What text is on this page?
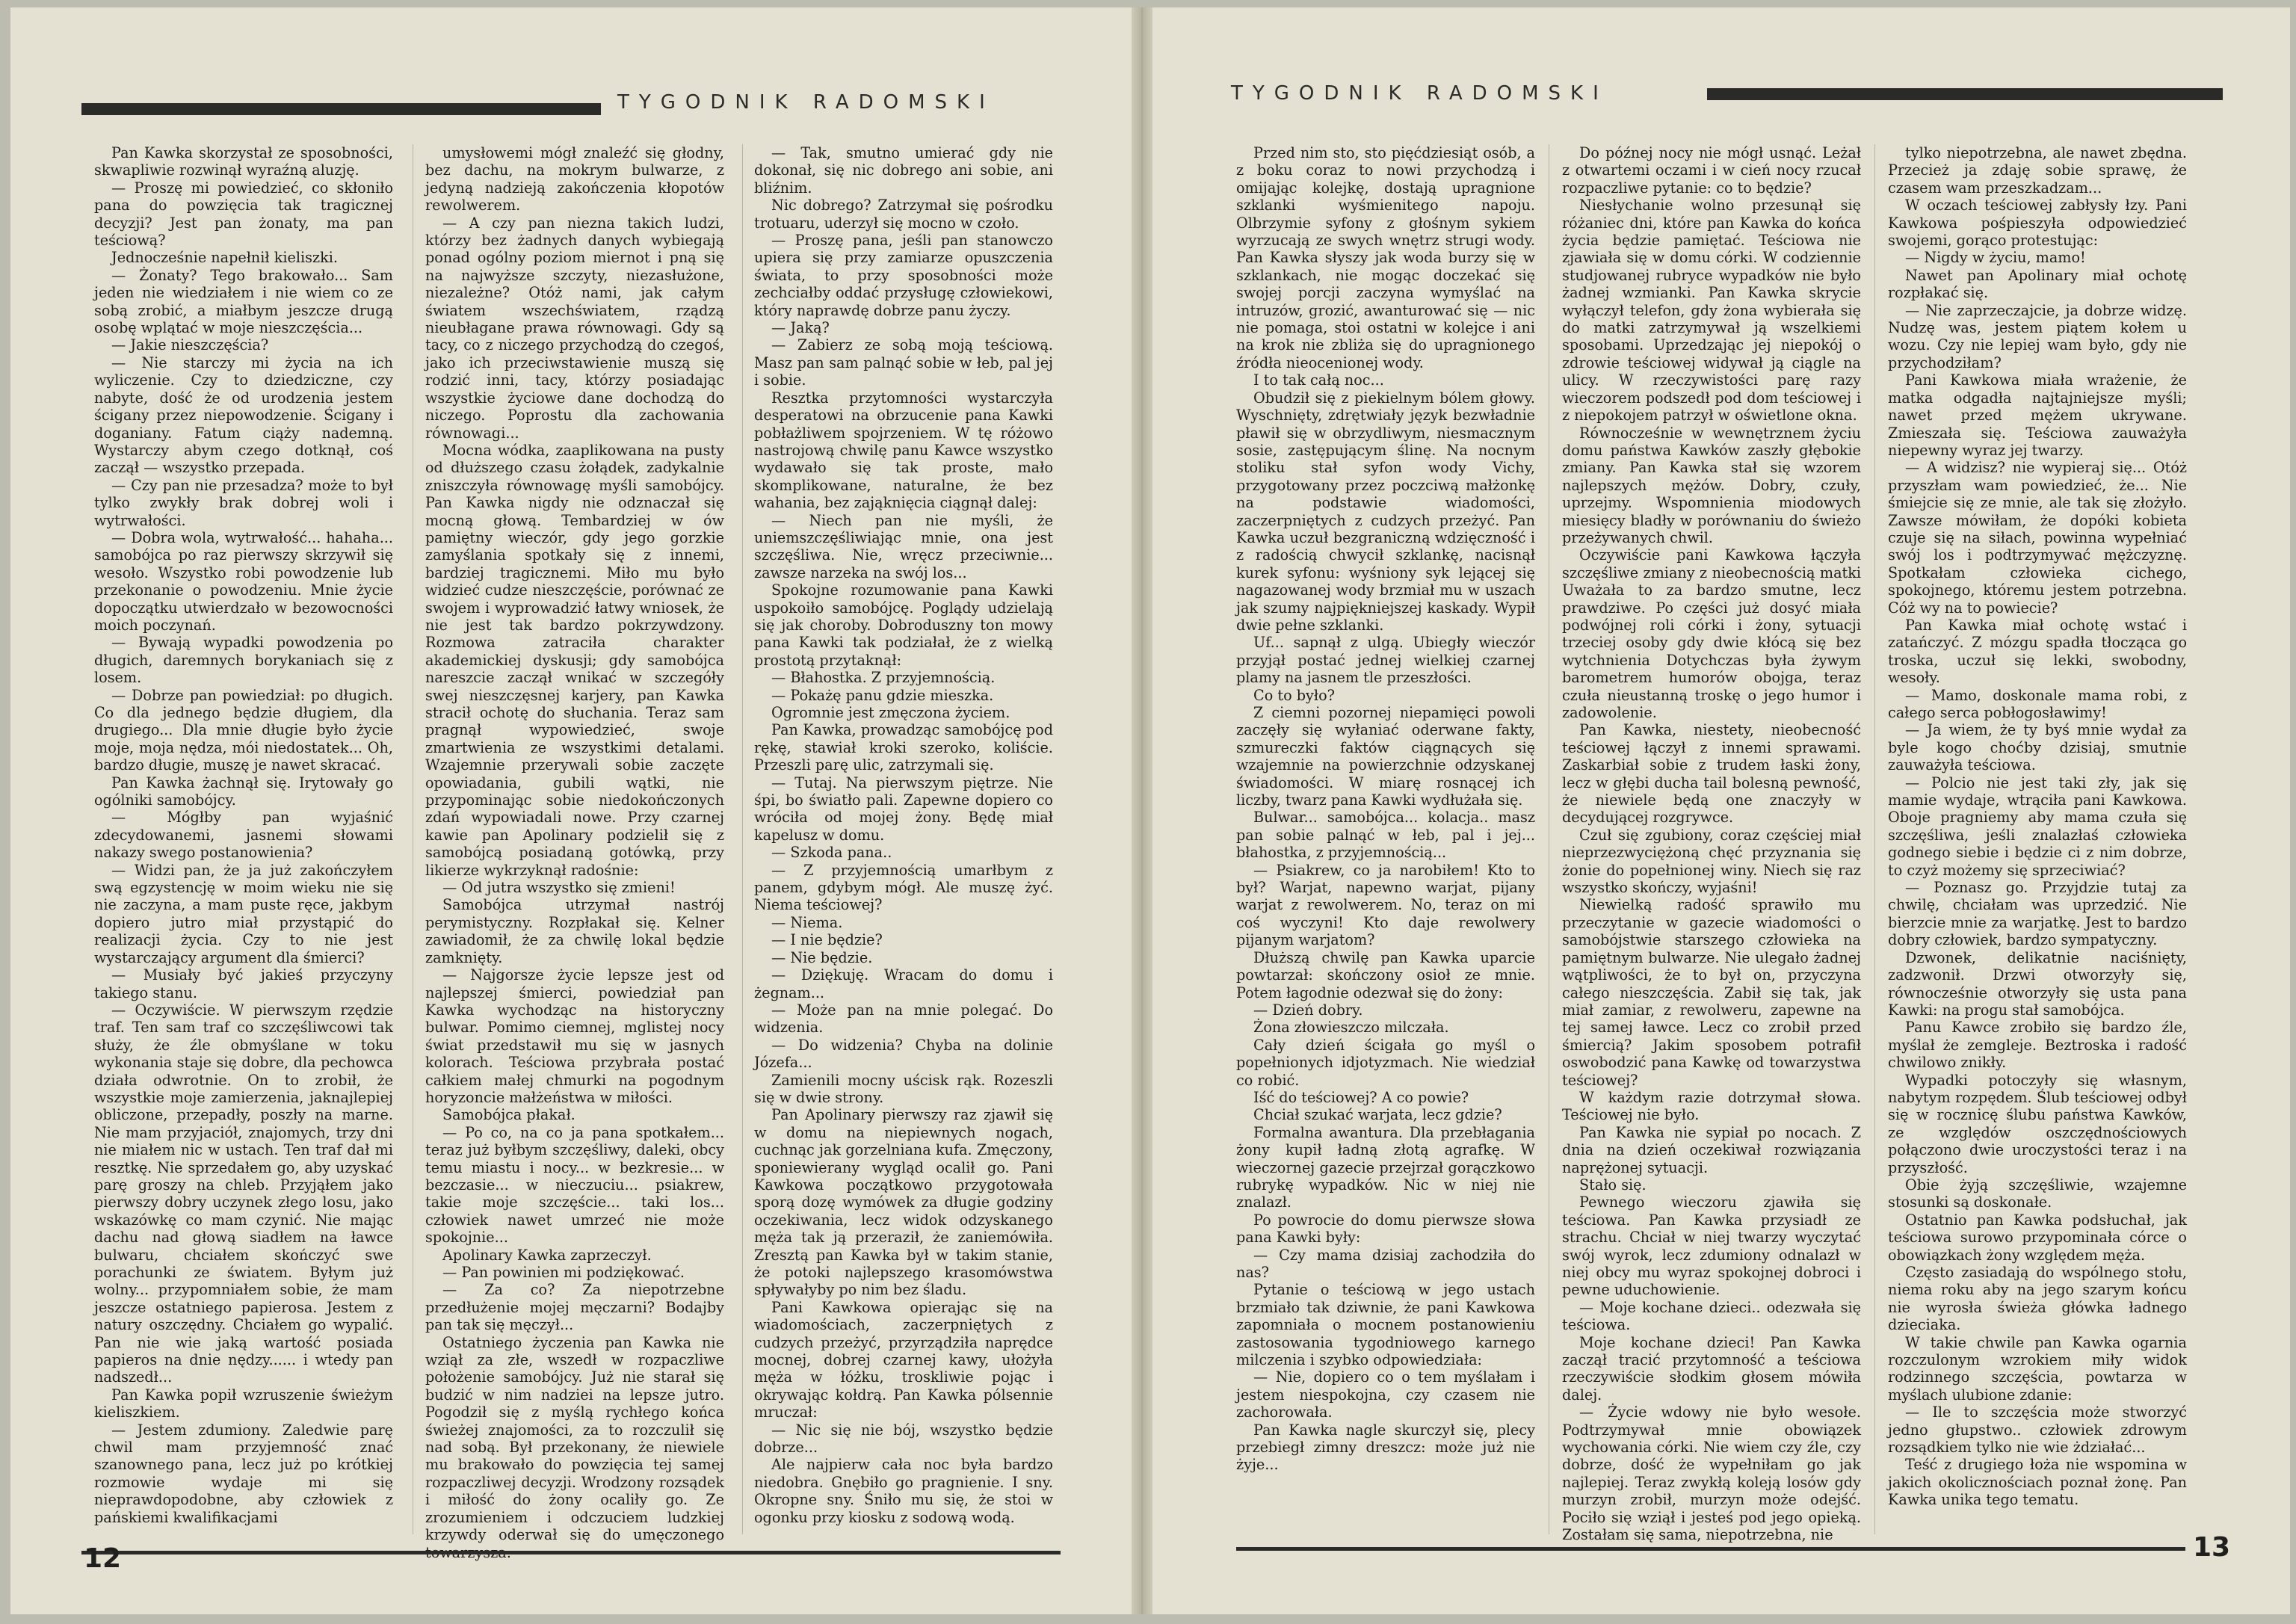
TYGODNIK RADOMSKI

Pan Kawka skorzystał ze sposobności, skwapliwie rozwinął wyraźną aluzję.

— Proszę mi powiedzieć, co skłoniło pana do powzięcia tak tragicznej decyzji? Jest pan żonaty, ma pan teściową?

Jednocześnie napełnił kieliszki.

— Żonaty? Tego brakowało... Sam jeden nie wiedziałem i nie wiem co ze sobą zrobić, a miałbym jeszcze drugą osobę wplątać w moje nieszczęścia...

— Jakie nieszczęścia?

— Nie starczy mi życia na ich wyliczenie. Czy to dziedziczne, czy nabyte, dość że od urodzenia jestem ścigany przez niepowodzenie. Ścigany i doganiany. Fatum ciąży nademną. Wystarczy abym czego dotknął, coś zaczął — wszystko przepada.

— Czy pan nie przesadza? może to był tylko zwykły brak dobrej woli i wytrwałości.

— Dobra wola, wytrwałość... hahaha... samobójca po raz pierwszy skrzywił się wesoło. Wszystko robi powodzenie lub przekonanie o powodzeniu. Mnie życie dopoczątku utwierdzało w bezowocności moich poczynań.

— Bywają wypadki powodzenia po długich, daremnych borykaniach się z losem.

— Dobrze pan powiedział: po długich. Co dla jednego będzie długiem, dla drugiego... Dla mnie długie było życie moje, moja nędza, mói niedostatek... Oh, bardzo długie, muszę je nawet skracać.

Pan Kawka żachnął się. Irytowały go ogólniki samobójcy.

— Mógłby pan wyjaśnić zdecydowanemi, jasnemi słowami nakazy swego postanowienia?

— Widzi pan, że ja już zakończyłem swą egzystencję w moim wieku nie się nie zaczyna, a mam puste ręce, jakbym dopiero jutro miał przystąpić do realizacji życia. Czy to nie jest wystarczający argument dla śmierci?

— Musiały być jakieś przyczyny takiego stanu.

— Oczywiście. W pierwszym rzędzie traf. Ten sam traf co szczęśliwcowi tak służy, że źle obmyślane w toku wykonania staje się dobre, dla pechowca działa odwrotnie. On to zrobił, że wszystkie moje zamierzenia, jaknajlepiej obliczone, przepadły, poszły na marne. Nie mam przyjaciół, znajomych, trzy dni nie miałem nic w ustach. Ten traf dał mi resztkę. Nie sprzedałem go, aby uzyskać parę groszy na chleb. Przyjąłem jako pierwszy dobry uczynek złego losu, jako wskazówkę co mam czynić. Nie mając dachu nad głową siadłem na ławce bulwaru, chciałem skończyć swe porachunki ze światem. Byłym już wolny... przypomniałem sobie, że mam jeszcze ostatniego papierosa. Jestem z natury oszczędny. Chciałem go wypalić. Pan nie wie jaką wartość posiada papieros na dnie nędzy...... i wtedy pan nadszedł...

Pan Kawka popił wzruszenie świeżym kieliszkiem.

— Jestem zdumiony. Zaledwie parę chwil mam przyjemność znać szanownego pana, lecz już po krótkiej rozmowie wydaje mi się nieprawdopodobne, aby człowiek z pańskiemi kwalifikacjami

umysłowemi mógł znaleźć się głodny, bez dachu, na mokrym bulwarze, z jedyną nadzieją zakończenia kłopotów rewolwerem.

— A czy pan niezna takich ludzi, którzy bez żadnych danych wybiegają ponad ogólny poziom miernot i pną się na najwyższe szczyty, niezasłużone, niezależne? Otóż nami, jak całym światem wszechświatem, rządzą nieubłagane prawa równowagi. Gdy są tacy, co z niczego przychodzą do czegoś, jako ich przeciwstawienie muszą się rodzić inni, tacy, którzy posiadając wszystkie życiowe dane dochodzą do niczego. Poprostu dla zachowania równowagi...

Mocna wódka, zaaplikowana na pusty od dłuższego czasu żołądek, zadykalnie zniszczyła równowagę myśli samobójcy. Pan Kawka nigdy nie odznaczał się mocną głową. Tembardziej w ów pamiętny wieczór, gdy jego gorzkie zamyślania spotkały się z innemi, bardziej tragicznemi. Miło mu było widzieć cudze nieszczęście, porównać ze swojem i wyprowadzić łatwy wniosek, że nie jest tak bardzo pokrzywdzony. Rozmowa zatraciła charakter akademickiej dyskusji; gdy samobójca nareszcie zaczął wnikać w szczegóły swej nieszczęsnej karjery, pan Kawka stracił ochotę do słuchania. Teraz sam pragnął wypowiedzieć, swoje zmartwienia ze wszystkimi detalami. Wzajemnie przerywali sobie zaczęte opowiadania, gubili wątki, nie przypominając sobie niedokończonych zdań wypowiadali nowe. Przy czarnej kawie pan Apolinary podzielił się z samobójcą posiadaną gotówką, przy likierze wykrzyknął radośnie:

— Od jutra wszystko się zmieni!

Samobójca utrzymał nastrój perymistyczny. Rozpłakał się. Kelner zawiadomił, że za chwilę lokal będzie zamknięty.

— Najgorsze życie lepsze jest od najlepszej śmierci, powiedział pan Kawka wychodząc na historyczny bulwar. Pomimo ciemnej, mglistej nocy świat przedstawił mu się w jasnych kolorach. Teściowa przybrała postać całkiem małej chmurki na pogodnym horyzoncie małżeństwa w miłości.

Samobójca płakał.

— Po co, na co ja pana spotkałem... teraz już byłbym szczęśliwy, daleki, obcy temu miastu i nocy... w bezkresie... w bezczasie... w nieczuciu... psiakrew, takie moje szczęście... taki los... człowiek nawet umrzeć nie może spokojnie...

Apolinary Kawka zaprzeczył.

— Pan powinien mi podziękować.

— Za co? Za niepotrzebne przedłużenie mojej męczarni? Bodajby pan tak się męczył...

Ostatniego życzenia pan Kawka nie wziął za złe, wszedł w rozpaczliwe położenie samobójcy. Już nie starał się budzić w nim nadziei na lepsze jutro. Pogodził się z myślą rychłego końca świeżej znajomości, za to rozczulił się nad sobą. Był przekonany, że niewiele mu brakowało do powzięcia tej samej rozpaczliwej decyzji. Wrodzony rozsądek i miłość do żony ocaliły go. Ze zrozumieniem i odczuciem ludzkiej krzywdy oderwał się do umęczonego

— Tak, smutno umierać gdy nie dokonał, się nic dobrego ani sobie, ani bliźnim.

Nic dobrego? Zatrzymał się pośrodku trotuaru, uderzył się mocno w czoło.

— Proszę pana, jeśli pan stanowczo upiera się przy zamiarze opuszczenia świata, to przy sposobności może zechciałby oddać przysługę człowiekowi, który naprawdę dobrze panu życzy.

— Jaką?

— Zabierz ze sobą moją teściową. Masz pan sam palnąć sobie w łeb, pal jej i sobie.

Resztka przytomności wystarczyła desperatowi na obrzucenie pana Kawki pobłażliwem spojrzeniem. W tę różowo nastrojową chwilę panu Kawce wszystko wydawało się tak proste, mało skomplikowane, naturalne, że bez wahania, bez zająknięcia ciągnął dalej:

— Niech pan nie myśli, że uniemszczęśliwiając mnie, ona jest szczęśliwa. Nie, wręcz przeciwnie... zawsze narzeka na swój los...

Spokojne rozumowanie pana Kawki uspokoiło samobójcę. Poglądy udzielają się jak choroby. Dobroduszny ton mowy pana Kawki tak podziałał, że z wielką prostotą przytaknął:

— Błahostka. Z przyjemnością.

— Pokażę panu gdzie mieszka.

Ogromnie jest zmęczona życiem.

Pan Kawka, prowadząc samobójcę pod rękę, stawiał kroki szeroko, koliście. Przeszli parę ulic, zatrzymali się.

— Tutaj. Na pierwszym piętrze. Nie śpi, bo światło pali. Zapewne dopiero co wróciła od mojej żony. Będę miał kapelusz w domu.

— Szkoda pana..

— Z przyjemnością umarłbym z panem, gdybym mógł. Ale muszę żyć. Niema teściowej?

— Niema.

— I nie będzie?

— Nie będzie.

— Dziękuję. Wracam do domu i żegnam...

— Może pan na mnie polegać. Do widzenia.

— Do widzenia? Chyba na dolinie Józefa...

Zamienili mocny uścisk rąk. Rozeszli się w dwie strony.

Pan Apolinary pierwszy raz zjawił się w domu na niepiewnych nogach, cuchnąc jak gorzelniana kufa. Zmęczony, sponiewierany wygląd ocalił go. Pani Kawkowa początkowo przygotowała sporą dozę wymówek za długie godziny oczekiwania, lecz widok odzyskanego męża tak ją przeraził, że zaniemówiła. Zresztą pan Kawka był w takim stanie, że potoki najlepszego krasomówstwa spływałyby po nim bez śladu.

Pani Kawkowa opierając się na wiadomościach, zaczerpniętych z cudzych przeżyć, przyrządziła naprędce mocnej, dobrej czarnej kawy, ułożyła męża w łóżku, troskliwie pojąc i okrywając kołdrą. Pan Kawka pólsennie mruczał:

— Nic się nie bój, wszystko będzie dobrze...

Ale najpierw cała noc była bardzo niedobra. Gnębiło go pragnienie. I sny. Okropne sny. Śniło mu się, że stoi w ogonku przy kiosku z sodową wodą.

12
TYGODNIK RADOMSKI

Przed nim sto, sto pięćdziesiąt osób, a z boku coraz to nowi przychodzą i omijając kolejkę, dostają upragnione szklanki wyśmienitego napoju. Olbrzymie syfony z głośnym sykiem wyrzucają ze swych wnętrz strugi wody. Pan Kawka słyszy jak woda burzy się w szklankach, nie mogąc doczekać się swojej porcji zaczyna wymyślać na intruzów, grozić, awanturować się — nic nie pomaga, stoi ostatni w kolejce i ani na krok nie zbliża się do upragnionego źródła nieocenionej wody.

I to tak całą noc...

Obudził się z piekielnym bólem głowy. Wyschnięty, zdrętwiały język bezwładnie pławił się w obrzydliwym, niesmacznym sosie, zastępującym ślinę. Na nocnym stoliku stał syfon wody Vichy, przygotowany przez poczciwą małżonkę na podstawie wiadomości, zaczerpniętych z cudzych przeżyć. Pan Kawka uczuł bezgraniczną wdzięczność i z radością chwycił szklankę, nacisnął kurek syfonu: wyśniony syk lejącej się nagazowanej wody brzmiał mu w uszach jak szumy najpiękniejszej kaskady. Wypił dwie pełne szklanki.

Uf... sapnął z ulgą. Ubiegły wieczór przyjął postać jednej wielkiej czarnej plamy na jasnem tle przeszłości.

Co to było?

Z ciemni pozornej niepamięci powoli zaczęły się wyłaniać oderwane fakty, szmureczki faktów ciągnących się wzajemnie na powierzchnie odzyskanej świadomości. W miarę rosnącej ich liczby, twarz pana Kawki wydłużała się.

Bulwar... samobójca... kolacja.. masz pan sobie palnąć w łeb, pal i jej... błahostka, z przyjemnością...

— Psiakrew, co ja narobiłem! Kto to był? Warjat, napewno warjat, pijany warjat z rewolwerem. No, teraz on mi coś wyczyni! Kto daje rewolwery pijanym warjatom?

Dłuższą chwilę pan Kawka uparcie powtarzał: skończony osioł ze mnie. Potem łagodnie odezwał się do żony:

— Dzień dobry.

Żona złowieszczo milczała.

Cały dzień ścigała go myśl o popełnionych idjotyzmach. Nie wiedział co robić.

Iść do teściowej? A co powie?

Chciał szukać warjata, lecz gdzie?

Formalna awantura. Dla przebłagania żony kupił ładną złotą agrafkę. W wieczornej gazecie przejrzał gorączkowo rubrykę wypadków. Nic w niej nie znalazł.

Po powrocie do domu pierwsze słowa pana Kawki były:

— Czy mama dzisiaj zachodziła do nas?

Pytanie o teściową w jego ustach brzmiało tak dziwnie, że pani Kawkowa zapomniała o mocnem postanowieniu zastosowania tygodniowego karnego milczenia i szybko odpowiedziała:

— Nie, dopiero co o tem myślałam i jestem niespokojna, czy czasem nie zachorowała.

Pan Kawka nagle skurczył się, plecy przebiegł zimny dreszcz: może już nie żyje...

Do późnej nocy nie mógł usnąć. Leżał z otwartemi oczami i w cień nocy rzucał rozpaczliwe pytanie: co to będzie?

Niesłychanie wolno przesunął się różaniec dni, które pan Kawka do końca życia będzie pamiętać. Teściowa nie zjawiała się w domu córki. W codziennie studjowanej rubryce wypadków nie było żadnej wzmianki. Pan Kawka skrycie wyłączył telefon, gdy żona wybierała się do matki zatrzymywał ją wszelkiemi sposobami. Uprzedzając jej niepokój o zdrowie teściowej widywał ją ciągle na ulicy. W rzeczywistości parę razy wieczorem podszedł pod dom teściowej i z niepokojem patrzył w oświetlone okna.

Równocześnie w wewnętrznem życiu domu państwa Kawków zaszły głębokie zmiany. Pan Kawka stał się wzorem najlepszych mężów. Dobry, czuły, uprzejmy. Wspomnienia miodowych miesięcy bladły w porównaniu do świeżo przeżywanych chwil.

Oczywiście pani Kawkowa łączyła szczęśliwe zmiany z nieobecnością matki Uważała to za bardzo smutne, lecz prawdziwe. Po części już dosyć miała podwójnej roli córki i żony, sytuacji trzeciej osoby gdy dwie kłócą się bez wytchnienia Dotychczas była żywym barometrem humorów obojga, teraz czuła nieustanną troskę o jego humor i zadowolenie.

Pan Kawka, niestety, nieobecność teściowej łączył z innemi sprawami. Zaskarbiał sobie z trudem łaski żony, lecz w głębi ducha tail bolesną pewność, że niewiele będą one znaczyły w decydującej rozgrywce.

Czuł się zgubiony, coraz częściej miał nieprzezwyciężoną chęć przyznania się żonie do popełnionej winy. Niech się raz wszystko skończy, wyjaśni!

Niewielką radość sprawiło mu przeczytanie w gazecie wiadomości o samobójstwie starszego człowieka na pamiętnym bulwarze. Nie ulegało żadnej wątpliwości, że to był on, przyczyna całego nieszczęścia. Zabił się tak, jak miał zamiar, z rewolweru, zapewne na tej samej ławce. Lecz co zrobił przed śmiercią? Jakim sposobem potrafił oswobodzić pana Kawkę od towarzystwa teściowej?

W każdym razie dotrzymał słowa. Teściowej nie było.

Pan Kawka nie sypiał po nocach. Z dnia na dzień oczekiwał rozwiązania naprężonej sytuacji.

Stało się.

Pewnego wieczoru zjawiła się teściowa. Pan Kawka przysiadł ze strachu. Chciał w niej twarzy wyczytać swój wyrok, lecz zdumiony odnalazł w niej obcy mu wyraz spokojnej dobroci i pewne uduchowienie.

— Moje kochane dzieci.. odezwała się teściowa.

Moje kochane dzieci! Pan Kawka zaczął tracić przytomność a teściowa rzeczywiście słodkim głosem mówiła dalej.

— Życie wdowy nie było wesołe. Podtrzymywał mnie obowiązek wychowania córki. Nie wiem czy źle, czy dobrze, dość że wypełniłam go jak najlepiej. Teraz zwykłą koleją losów gdy murzyn zrobił, murzyn może odejść. Pociło się wziął i jesteś pod jego opieką. Zostałam się sama, niepotrzebna, nie

tylko niepotrzebna, ale nawet zbędna. Przecież ja zdaję sobie sprawę, że czasem wam przeszkadzam...

W oczach teściowej zabłysły łzy. Pani Kawkowa pośpieszyła odpowiedzieć swojemi, gorąco protestując:

— Nigdy w życiu, mamo!

Nawet pan Apolinary miał ochotę rozpłakać się.

— Nie zaprzeczajcie, ja dobrze widzę. Nudzę was, jestem piątem kołem u wozu. Czy nie lepiej wam było, gdy nie przychodziłam?

Pani Kawkowa miała wrażenie, że matka odgadła najtajniejsze myśli; nawet przed mężem ukrywane. Zmieszała się. Teściowa zauważyła niepewny wyraz jej twarzy.

— A widzisz? nie wypieraj się... Otóż przyszłam wam powiedzieć, że... Nie śmiejcie się ze mnie, ale tak się złożyło. Zawsze mówiłam, że dopóki kobieta czuje się na siłach, powinna wypełniać swój los i podtrzymywać mężczyznę. Spotkałam człowieka cichego, spokojnego, któremu jestem potrzebna. Cóż wy na to powiecie?

Pan Kawka miał ochotę wstać i zatańczyć. Z mózgu spadła tłocząca go troska, uczuł się lekki, swobodny, wesoły.

— Mamo, doskonale mama robi, z całego serca pobłogosławimy!

— Ja wiem, że ty byś mnie wydał za byle kogo choćby dzisiaj, smutnie zauważyła teściowa.

— Polcio nie jest taki zły, jak się mamie wydaje, wtrąciła pani Kawkowa. Oboje pragniemy aby mama czuła się szczęśliwa, jeśli znalazłaś człowieka godnego siebie i będzie ci z nim dobrze, to czyż możemy się sprzeciwiać?

— Poznasz go. Przyjdzie tutaj za chwilę, chciałam was uprzedzić. Nie bierzcie mnie za warjatkę. Jest to bardzo dobry człowiek, bardzo sympatyczny.

Dzwonek, delikatnie naciśnięty, zadzwonił. Drzwi otworzyły się, równocześnie otworzyły się usta pana Kawki: na progu stał samobójca.

Panu Kawce zrobiło się bardzo źle, myślał że zemgleje. Beztroska i radość chwilowo znikły.

Wypadki potoczyły się własnym, nabytym rozpędem. Ślub teściowej odbył się w rocznicę ślubu państwa Kawków, ze względów oszczędnościowych połączono dwie uroczystości teraz i na przyszłość.

Obie żyją szczęśliwie, wzajemne stosunki są doskonałe.

Ostatnio pan Kawka podsłuchał, jak teściowa surowo przypominała córce o obowiązkach żony względem męża.

Często zasiadają do wspólnego stołu, niema roku aby na jego szarym końcu nie wyrosła świeża główka ładnego dzieciaka.

W takie chwile pan Kawka ogarnia rozczulonym wzrokiem miły widok rodzinnego szczęścia, powtarza w myślach ulubione zdanie:

— Ile to szczęścia może stworzyć jedno głupstwo.. człowiek zdrowym rozsądkiem tylko nie wie żdziałać...

Teść z drugiego łoża nie wspomina w jakich okolicznościach poznał żonę. Pan Kawka unika tego tematu.

13
